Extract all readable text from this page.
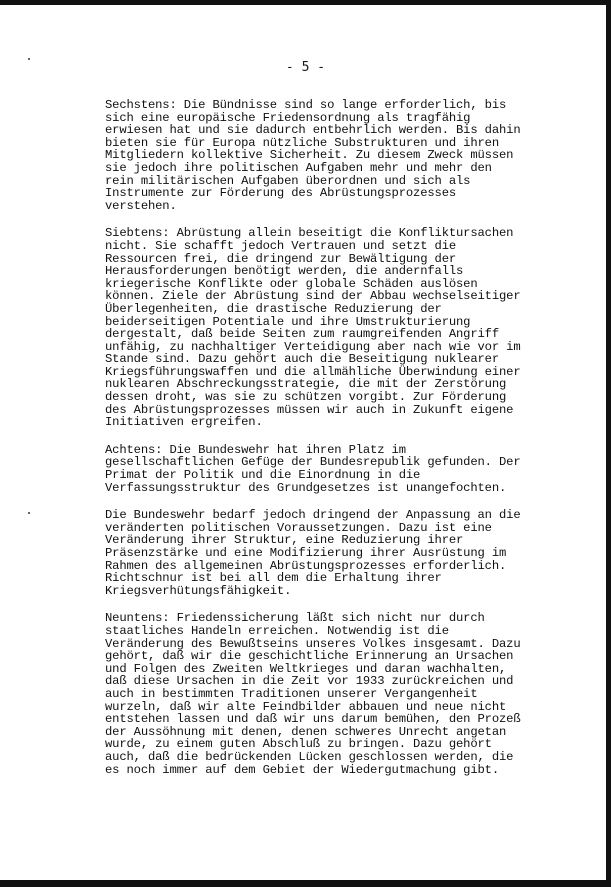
- 5 -
Sechstens: Die Bündnisse sind so lange erforderlich, bis
sich eine europäische Friedensordnung als tragfähig
erwiesen hat und sie dadurch entbehrlich werden. Bis dahin
bieten sie für Europa nützliche Substrukturen und ihren
Mitgliedern kollektive Sicherheit. Zu diesem Zweck müssen
sie jedoch ihre politischen Aufgaben mehr und mehr den
rein militärischen Aufgaben überordnen und sich als
Instrumente zur Förderung des Abrüstungsprozesses
verstehen.
Siebtens: Abrüstung allein beseitigt die Konfliktursachen
nicht. Sie schafft jedoch Vertrauen und setzt die
Ressourcen frei, die dringend zur Bewältigung der
Herausforderungen benötigt werden, die andernfalls
kriegerische Konflikte oder globale Schäden auslösen
können. Ziele der Abrüstung sind der Abbau wechselseitiger
Überlegenheiten, die drastische Reduzierung der
beiderseitigen Potentiale und ihre Umstrukturierung
dergestalt, daß beide Seiten zum raumgreifenden Angriff
unfähig, zu nachhaltiger Verteidigung aber nach wie vor im
Stande sind. Dazu gehört auch die Beseitigung nuklearer
Kriegsführungswaffen und die allmähliche Überwindung einer
nuklearen Abschreckungsstrategie, die mit der Zerstörung
dessen droht, was sie zu schützen vorgibt. Zur Förderung
des Abrüstungsprozesses müssen wir auch in Zukunft eigene
Initiativen ergreifen.
Achtens: Die Bundeswehr hat ihren Platz im
gesellschaftlichen Gefüge der Bundesrepublik gefunden. Der
Primat der Politik und die Einordnung in die
Verfassungsstruktur des Grundgesetzes ist unangefochten.
Die Bundeswehr bedarf jedoch dringend der Anpassung an die
veränderten politischen Voraussetzungen. Dazu ist eine
Veränderung ihrer Struktur, eine Reduzierung ihrer
Präsenzstärke und eine Modifizierung ihrer Ausrüstung im
Rahmen des allgemeinen Abrüstungsprozesses erforderlich.
Richtschnur ist bei all dem die Erhaltung ihrer
Kriegsverhütungsfähigkeit.
Neuntens: Friedenssicherung läßt sich nicht nur durch
staatliches Handeln erreichen. Notwendig ist die
Veränderung des Bewußtseins unseres Volkes insgesamt. Dazu
gehört, daß wir die geschichtliche Erinnerung an Ursachen
und Folgen des Zweiten Weltkrieges und daran wachhalten,
daß diese Ursachen in die Zeit vor 1933 zurückreichen und
auch in bestimmten Traditionen unserer Vergangenheit
wurzeln, daß wir alte Feindbilder abbauen und neue nicht
entstehen lassen und daß wir uns darum bemühen, den Prozeß
der Aussöhnung mit denen, denen schweres Unrecht angetan
wurde, zu einem guten Abschluß zu bringen. Dazu gehört
auch, daß die bedrückenden Lücken geschlossen werden, die
es noch immer auf dem Gebiet der Wiedergutmachung gibt.
